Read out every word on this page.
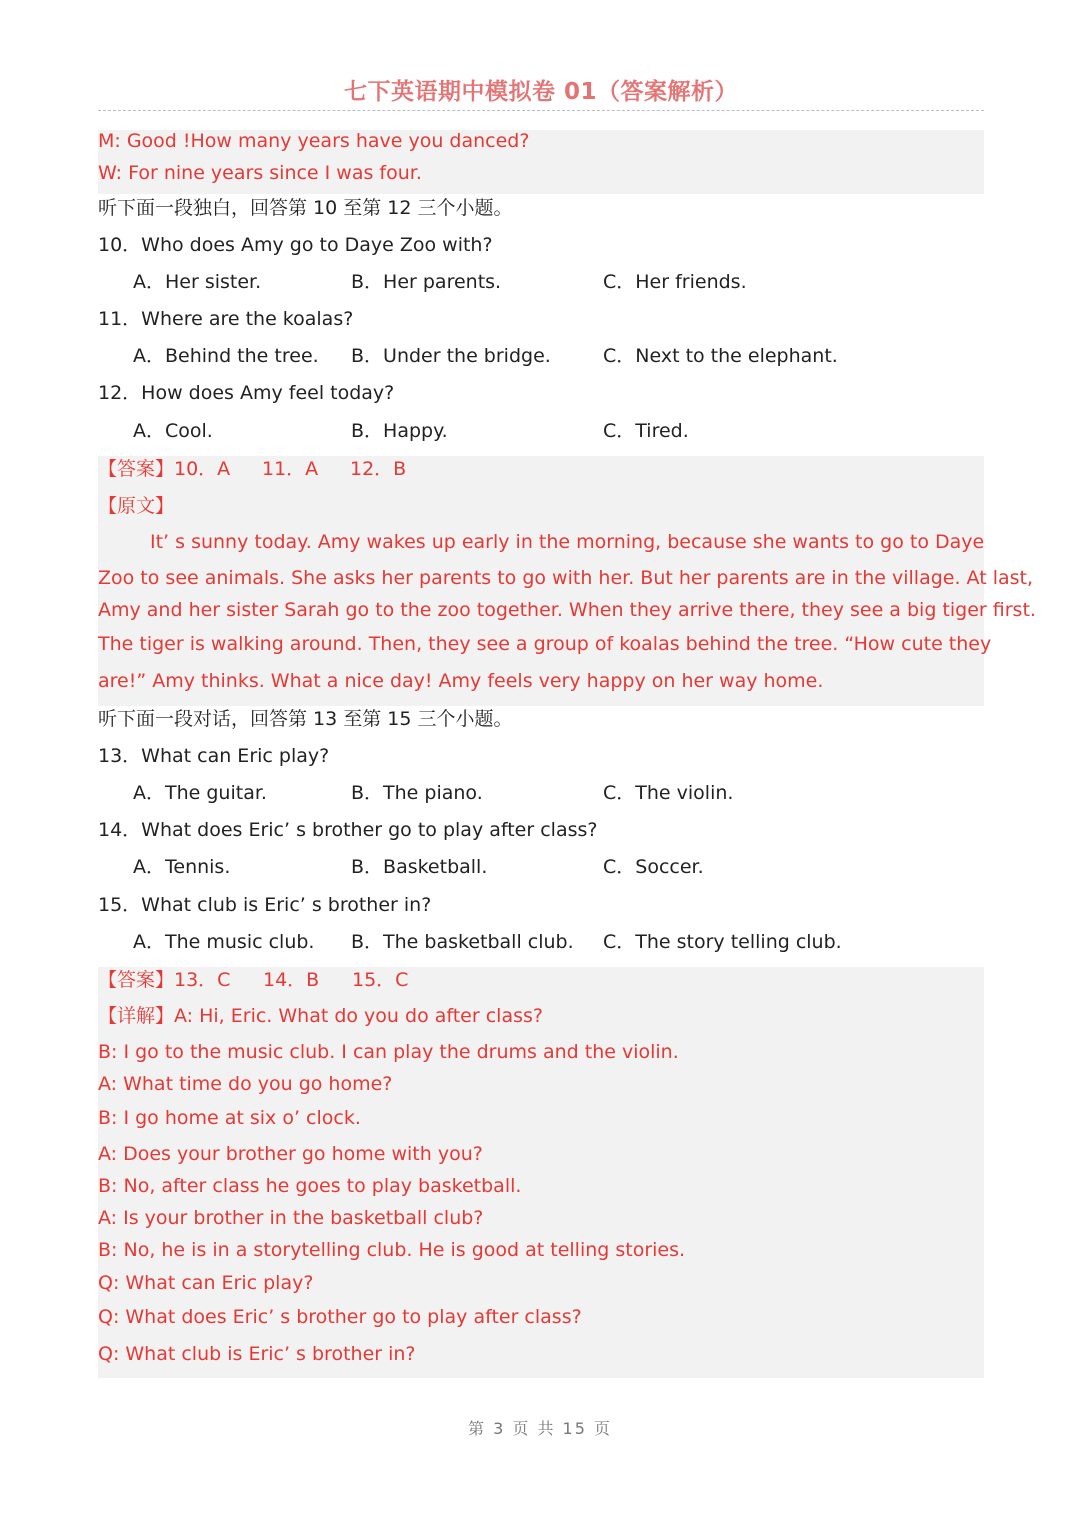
七下英语期中模拟卷 01（答案解析）
M: Good !How many years have you danced?
W: For nine years since I was four.
听下面一段独白，回答第 10 至第 12 三个小题。
10．Who does Amy go to Daye Zoo with?
A．Her sister.	B．Her parents.	C．Her friends.
11．Where are the koalas?
A．Behind the tree. B．Under the bridge.	C．Next to the elephant.
12．How does Amy feel today?
A．Cool.	B．Happy.	C．Tired.
【答案】 10．A 11．A 12．B
【原文】
It’ s sunny today. Amy wakes up early in the morning, because she wants to go to Daye
Zoo to see animals. She asks her parents to go with her. But her parents are in the village. At last,
Amy and her sister Sarah go to the zoo together. When they arrive there, they see a big tiger first.
The tiger is walking around. Then, they see a group of koalas behind the tree. “How cute they
are!” Amy thinks. What a nice day! Amy feels very happy on her way home.
听下面一段对话，回答第 13 至第 15 三个小题。
13．What can Eric play?
A．The guitar.	B．The piano.	C．The violin.
14．What does Eric’ s brother go to play after class?
A．Tennis.	B．Basketball.	C．Soccer.
15．What club is Eric’ s brother in?
A．The music club. B．The basketball club. C．The story telling club.
【答案】 13．C 14．B 15．C
【详解】 A: Hi, Eric. What do you do after class?
B: I go to the music club. I can play the drums and the violin.
A: What time do you go home?
B: I go home at six o’ clock.
A: Does your brother go home with you?
B: No, after class he goes to play basketball.
A: Is your brother in the basketball club?
B: No, he is in a storytelling club. He is good at telling stories.
Q: What can Eric play?
Q: What does Eric’ s brother go to play after class?
Q: What club is Eric’ s brother in?
第 3 页 共 15 页
